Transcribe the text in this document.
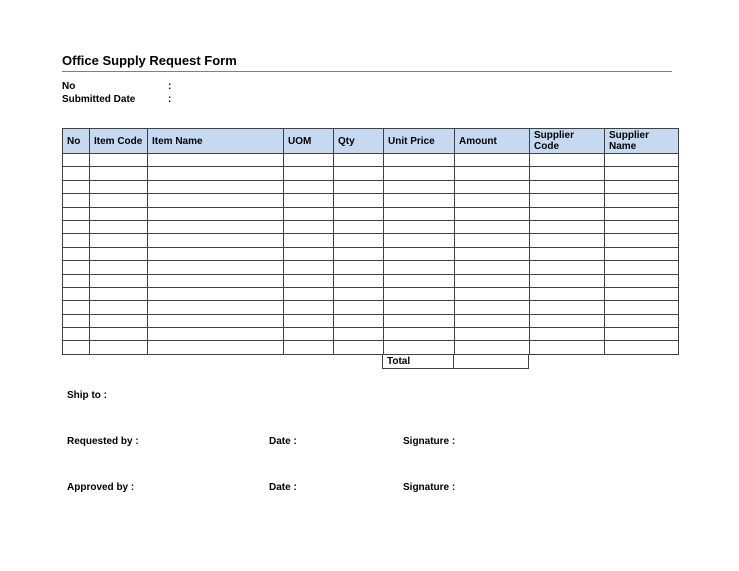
Office Supply Request Form
No	:
Submitted Date	:
No	Item Code	Item Name	UOM	Qty	Unit Price	Amount	Supplier Code	Supplier Name

Total	
Ship to :
Requested by :	Date :	Signature :
Approved by :	Date :	Signature :
